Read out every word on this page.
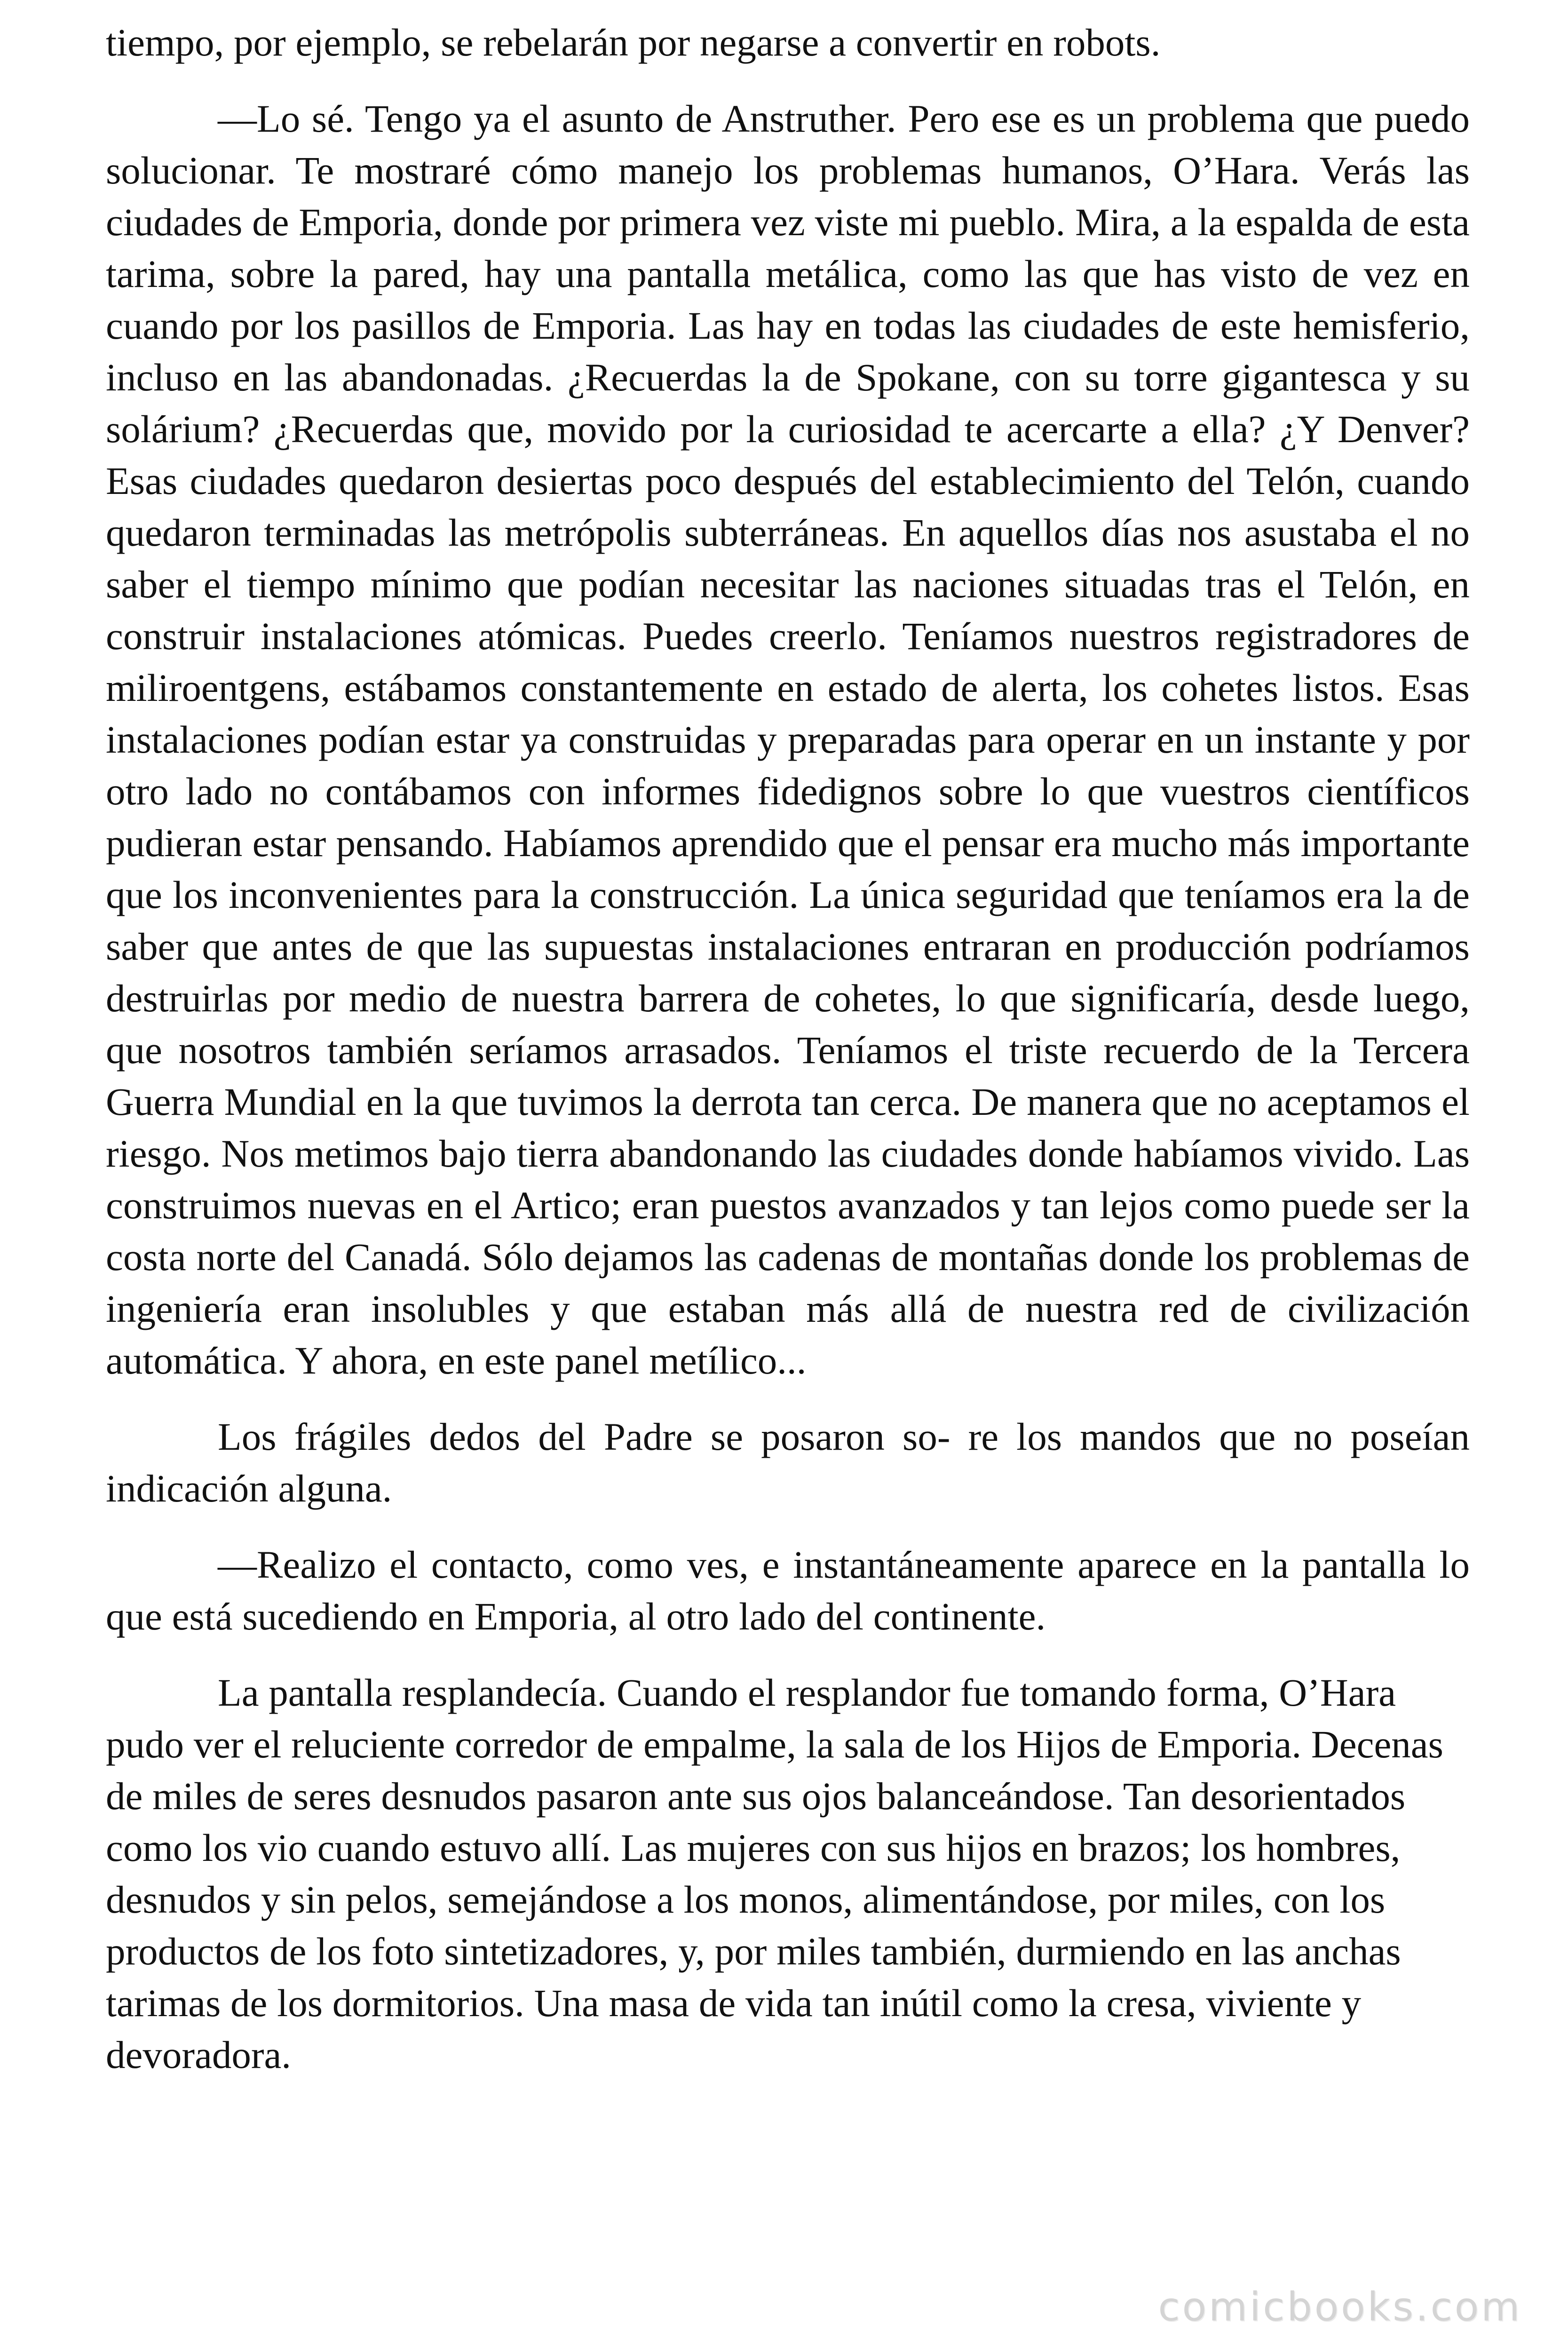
tiempo, por ejemplo, se rebelarán por negarse a convertir en robots.

—Lo sé. Tengo ya el asunto de Anstruther. Pero ese es un problema que puedo solucionar. Te mostraré cómo manejo los problemas humanos, O’Hara. Verás las ciudades de Emporia, donde por primera vez viste mi pueblo. Mira, a la espalda de esta tarima, sobre la pared, hay una pantalla metálica, como las que has visto de vez en cuando por los pasillos de Emporia. Las hay en todas las ciudades de este hemisferio, incluso en las abandonadas. ¿Recuerdas la de Spokane, con su torre gigantesca y su solárium? ¿Recuerdas que, movido por la curiosidad te acercarte a ella? ¿Y Denver? Esas ciudades quedaron desiertas poco después del establecimiento del Telón, cuando quedaron terminadas las metrópolis subterráneas. En aquellos días nos asustaba el no saber el tiempo mínimo que podían necesitar las naciones situadas tras el Telón, en construir instalaciones atómicas. Puedes creerlo. Teníamos nuestros registradores de miliroentgens, estábamos constantemente en estado de alerta, los cohetes listos. Esas instalaciones podían estar ya construidas y preparadas para operar en un instante y por otro lado no contábamos con informes fidedignos sobre lo que vuestros científicos pudieran estar pensando. Habíamos aprendido que el pensar era mucho más importante que los inconvenientes para la construcción. La única seguridad que teníamos era la de saber que antes de que las supuestas instalaciones entraran en producción podríamos destruirlas por medio de nuestra barrera de cohetes, lo que significaría, desde luego, que nosotros también seríamos arrasados. Teníamos el triste recuerdo de la Tercera Guerra Mundial en la que tuvimos la derrota tan cerca. De manera que no aceptamos el riesgo. Nos metimos bajo tierra abandonando las ciudades donde habíamos vivido. Las construimos nuevas en el Artico; eran puestos avanzados y tan lejos como puede ser la costa norte del Canadá. Sólo dejamos las cadenas de montañas donde los problemas de ingeniería eran insolubles y que estaban más allá de nuestra red de civilización automática. Y ahora, en este panel metílico...

Los frágiles dedos del Padre se posaron so- re los mandos que no poseían indicación alguna.

—Realizo el contacto, como ves, e instantáneamente aparece en la pantalla lo que está sucediendo en Emporia, al otro lado del continente.

La pantalla resplandecía. Cuando el resplandor fue tomando forma, O’Hara pudo ver el reluciente corredor de empalme, la sala de los Hijos de Emporia. Decenas de miles de seres desnudos pasaron ante sus ojos balanceándose. Tan desorientados como los vio cuando estuvo allí. Las mujeres con sus hijos en brazos; los hombres, desnudos y sin pelos, semejándose a los monos, alimentándose, por miles, con los productos de los foto sintetizadores, y, por miles también, durmiendo en las anchas tarimas de los dormitorios. Una masa de vida tan inútil como la cresa, viviente y devoradora.

comicbooks.com
